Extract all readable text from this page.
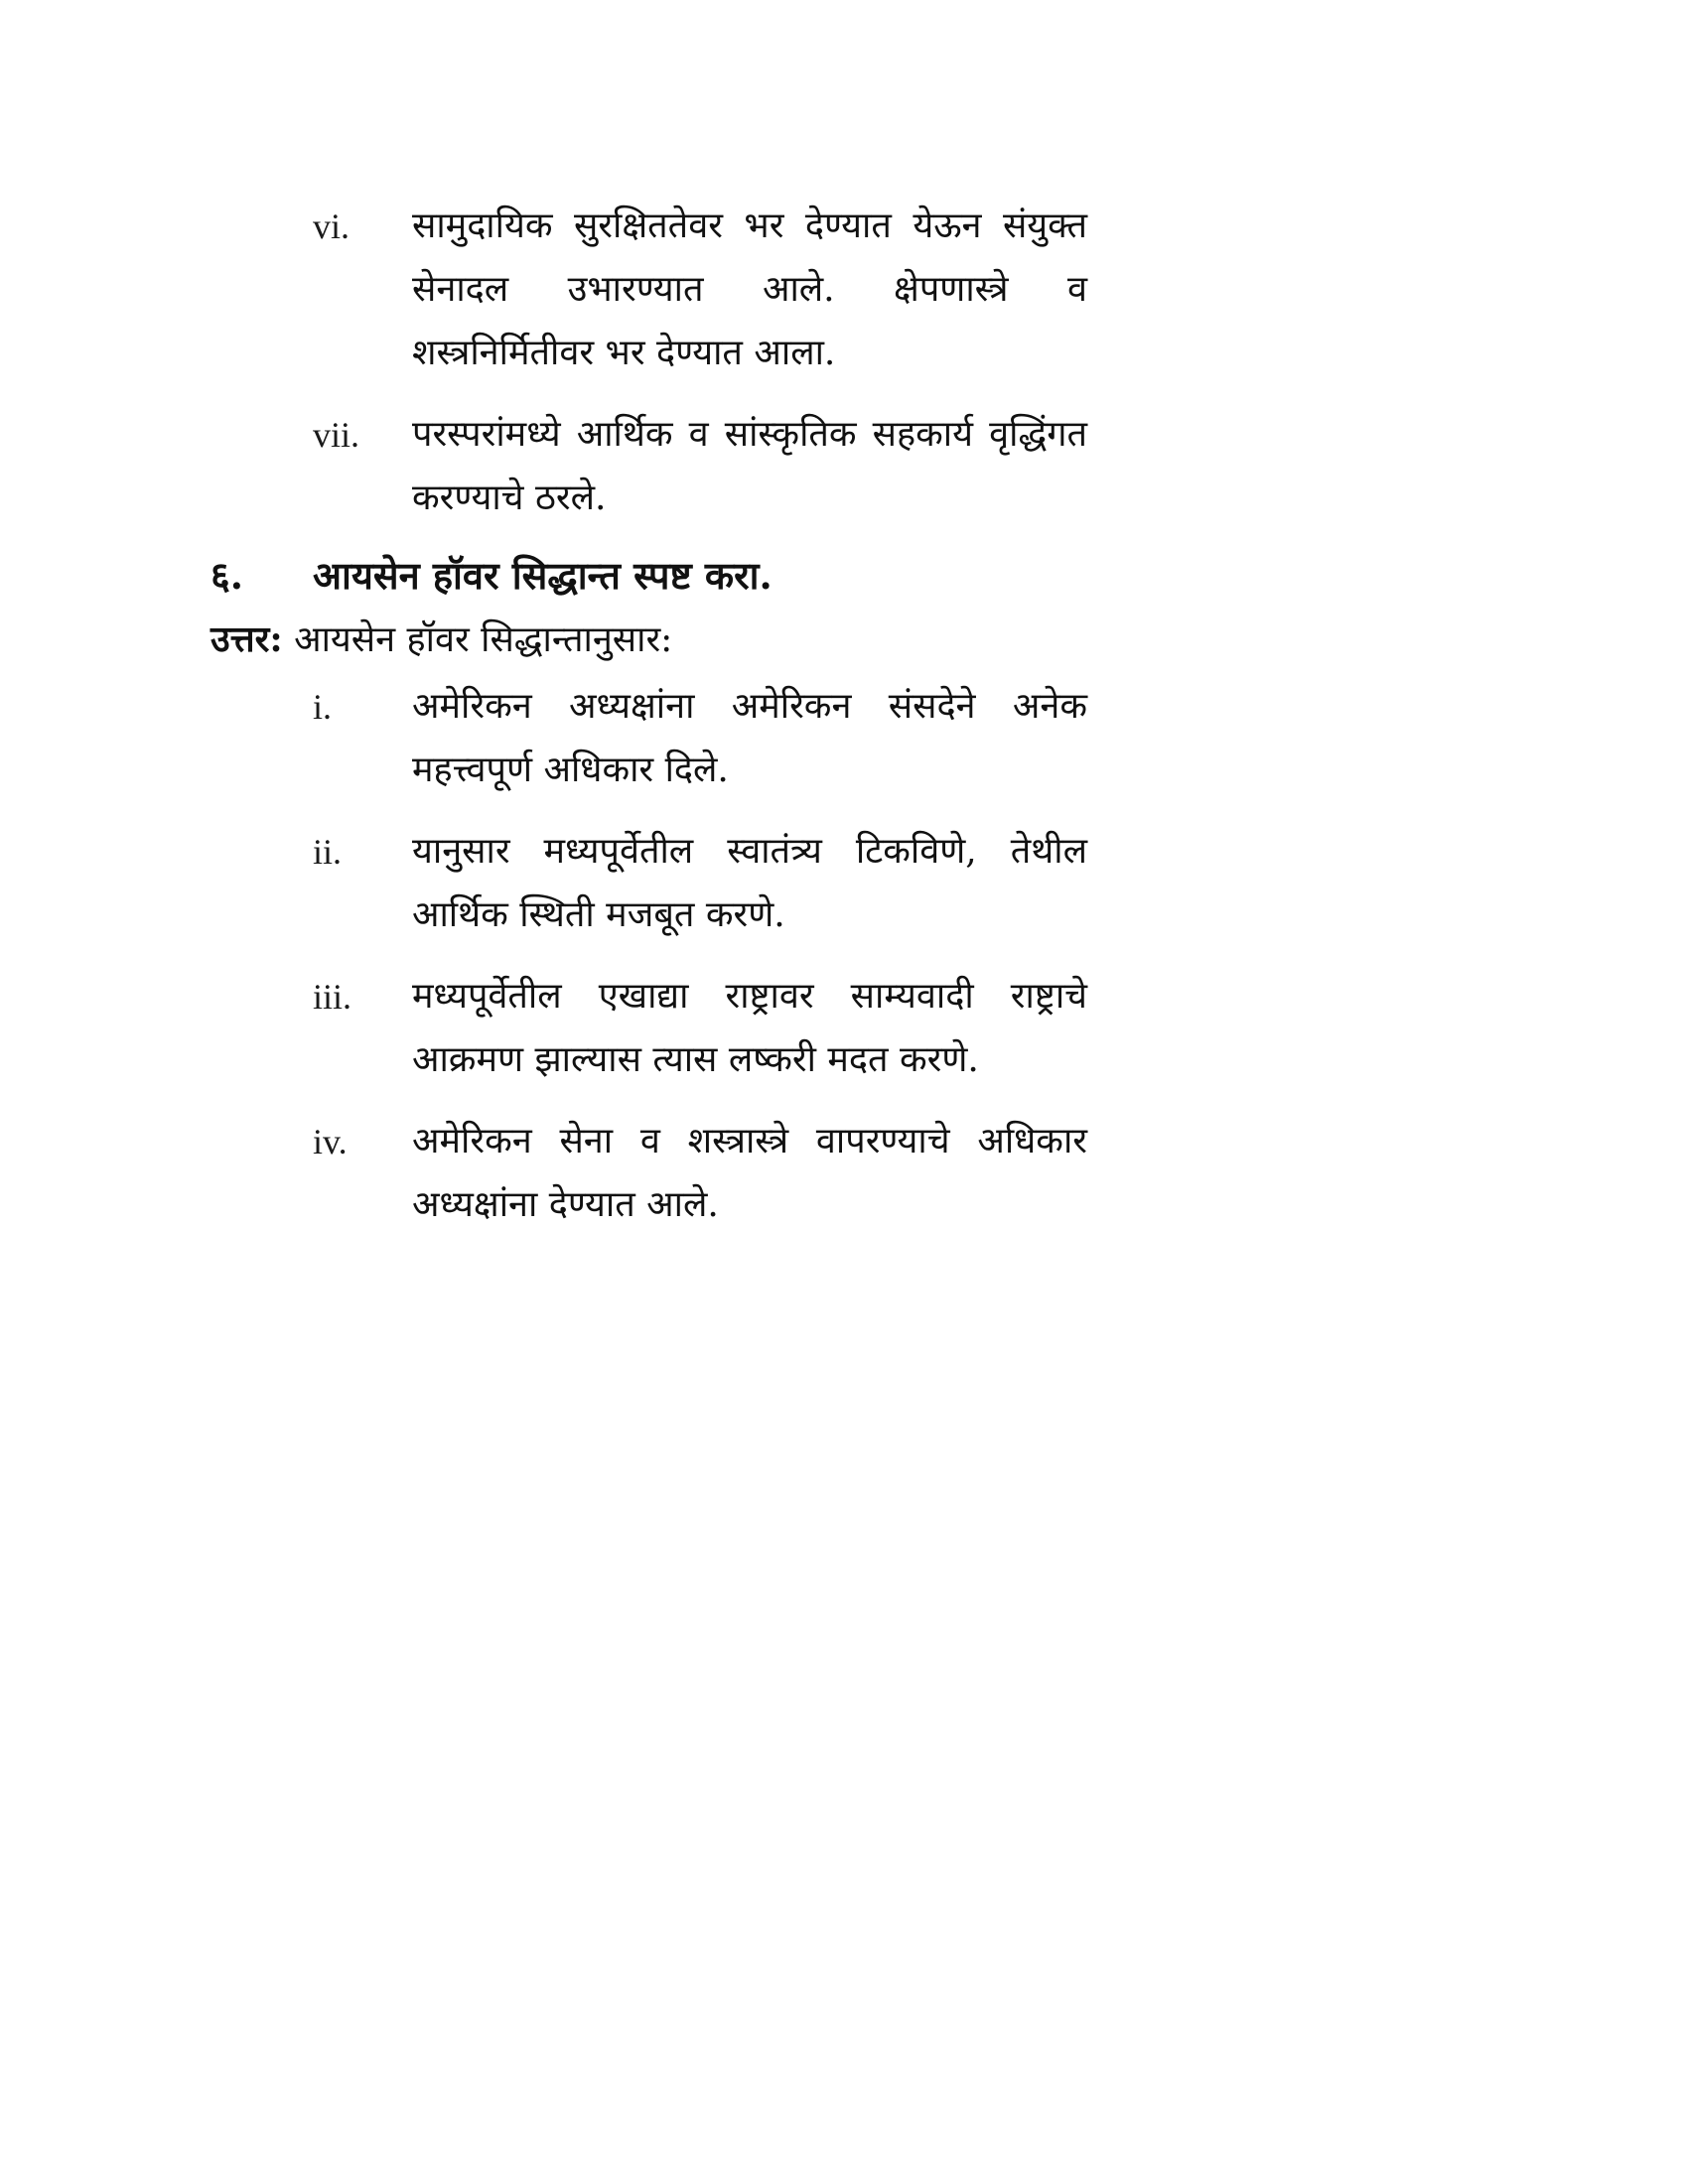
vi.	सामुदायिक सुरक्षिततेवर भर देण्यात येऊन संयुक्त सेनादल उभारण्यात आले. क्षेपणास्त्रे व शस्त्रनिर्मितीवर भर देण्यात आला.
vii.	परस्परांमध्ये आर्थिक व सांस्कृतिक सहकार्य वृद्धिंगत करण्याचे ठरले.
६.	आयसेन हॉवर सिद्धान्त स्पष्ट करा.
उत्तर: आयसेन हॉवर सिद्धान्तानुसार:
i.	अमेरिकन अध्यक्षांना अमेरिकन संसदेने अनेक महत्त्वपूर्ण अधिकार दिले.
ii.	यानुसार मध्यपूर्वेतील स्वातंत्र्य टिकविणे, तेथील आर्थिक स्थिती मजबूत करणे.
iii.	मध्यपूर्वेतील एखाद्या राष्ट्रावर साम्यवादी राष्ट्राचे आक्रमण झाल्यास त्यास लष्करी मदत करणे.
iv.	अमेरिकन सेना व शस्त्रास्त्रे वापरण्याचे अधिकार अध्यक्षांना देण्यात आले.
